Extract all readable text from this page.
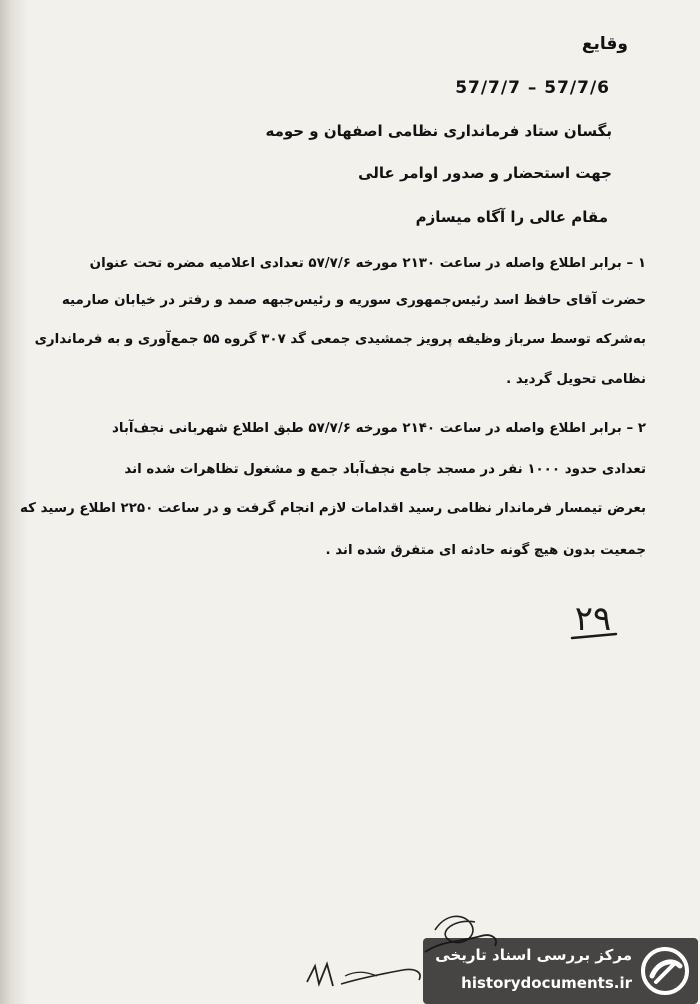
وقایع
57/7/7 – 57/7/6
بگسان ستاد فرمانداری نظامی اصفهان و حومه
جهت استحضار و صدور اوامر عالی
مقام عالی را آگاه میسازم
۱ – برابر اطلاع واصله در ساعت ۲۱۳۰ مورخه ۵۷/۷/۶ تعدادی اعلامیه مضره تحت عنوان
حضرت آقای حافظ اسد رئیس‌جمهوری سوریه و رئیس‌جبهه صمد و رفتر در خیابان صارمیه
به‌شرکه توسط سرباز وظیفه پرویز جمشیدی جمعی گد ۳۰۷ گروه ۵۵ جمع‌آوری و به فرمانداری
نظامی تحویل گردید .
۲ – برابر اطلاع واصله در ساعت ۲۱۴۰ مورخه ۵۷/۷/۶ طبق اطلاع شهربانی نجف‌آباد
تعدادی حدود ۱۰۰۰ نفر در مسجد جامع نجف‌آباد جمع و مشغول تظاهرات شده اند
بعرض تیمسار فرماندار نظامی رسید اقدامات لازم انجام گرفت و در ساعت ۲۲۵۰ اطلاع رسید که
جمعیت بدون هیچ گونه حادثه ای متفرق شده اند .
۲۹
مرکز بررسی اسناد تاریخی
historydocuments.ir
